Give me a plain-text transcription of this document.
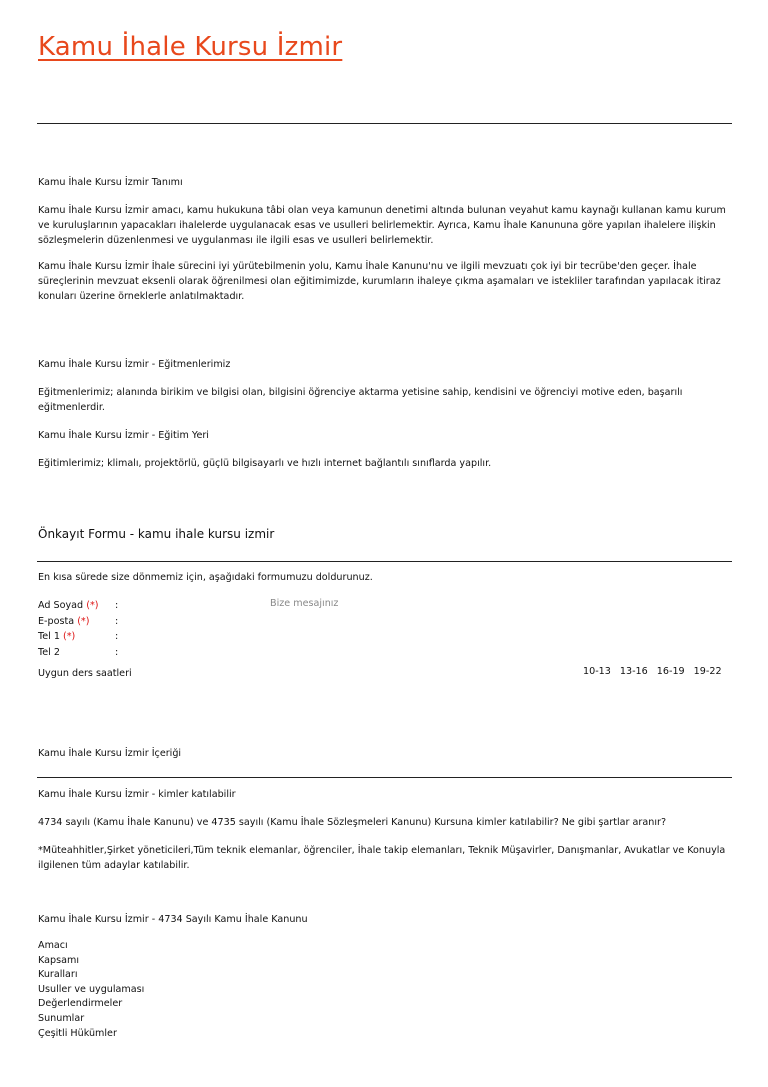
Kamu İhale Kursu İzmir
Kamu İhale Kursu İzmir Tanımı
Kamu İhale Kursu İzmir amacı, kamu hukukuna tâbi olan veya kamunun denetimi altında bulunan veyahut kamu kaynağı kullanan kamu kurum ve kuruluşlarının yapacakları ihalelerde uygulanacak esas ve usulleri belirlemektir. Ayrıca, Kamu İhale Kanununa göre yapılan ihalelere ilişkin sözleşmelerin düzenlenmesi ve uygulanması ile ilgili esas ve usulleri belirlemektir.
Kamu İhale Kursu İzmir İhale sürecini iyi yürütebilmenin yolu, Kamu İhale Kanunu'nu ve ilgili mevzuatı çok iyi bir tecrübe'den geçer. İhale süreçlerinin mevzuat eksenli olarak öğrenilmesi olan eğitimimizde, kurumların ihaleye çıkma aşamaları ve istekliler tarafından yapılacak itiraz konuları üzerine örneklerle anlatılmaktadır.
Kamu İhale Kursu İzmir - Eğitmenlerimiz
Eğitmenlerimiz; alanında birikim ve bilgisi olan, bilgisini öğrenciye aktarma yetisine sahip, kendisini ve öğrenciyi motive eden, başarılı eğitmenlerdir.
Kamu İhale Kursu İzmir - Eğitim Yeri
Eğitimlerimiz; klimalı, projektörlü, güçlü bilgisayarlı ve hızlı internet bağlantılı sınıflarda yapılır.
Önkayıt Formu - kamu ihale kursu izmir
En kısa sürede size dönmemiz için, aşağıdaki formumuzu doldurunuz.
Ad Soyad (*) :
E-posta (*)	:
Tel 1 (*)	:
Tel 2	:
Bize mesajınız
Uygun ders saatleri	10-13 13-16 16-19 19-22
Kamu İhale Kursu İzmir İçeriği
Kamu İhale Kursu İzmir - kimler katılabilir
4734 sayılı (Kamu İhale Kanunu) ve 4735 sayılı (Kamu İhale Sözleşmeleri Kanunu) Kursuna kimler katılabilir? Ne gibi şartlar aranır?
*Müteahhitler,Şirket yöneticileri,Tüm teknik elemanlar, öğrenciler, İhale takip elemanları, Teknik Müşavirler, Danışmanlar, Avukatlar ve Konuyla ilgilenen tüm adaylar katılabilir.
Kamu İhale Kursu İzmir - 4734 Sayılı Kamu İhale Kanunu
Amacı
Kapsamı
Kuralları
Usuller ve uygulaması
Değerlendirmeler
Sunumlar
Çeşitli Hükümler
